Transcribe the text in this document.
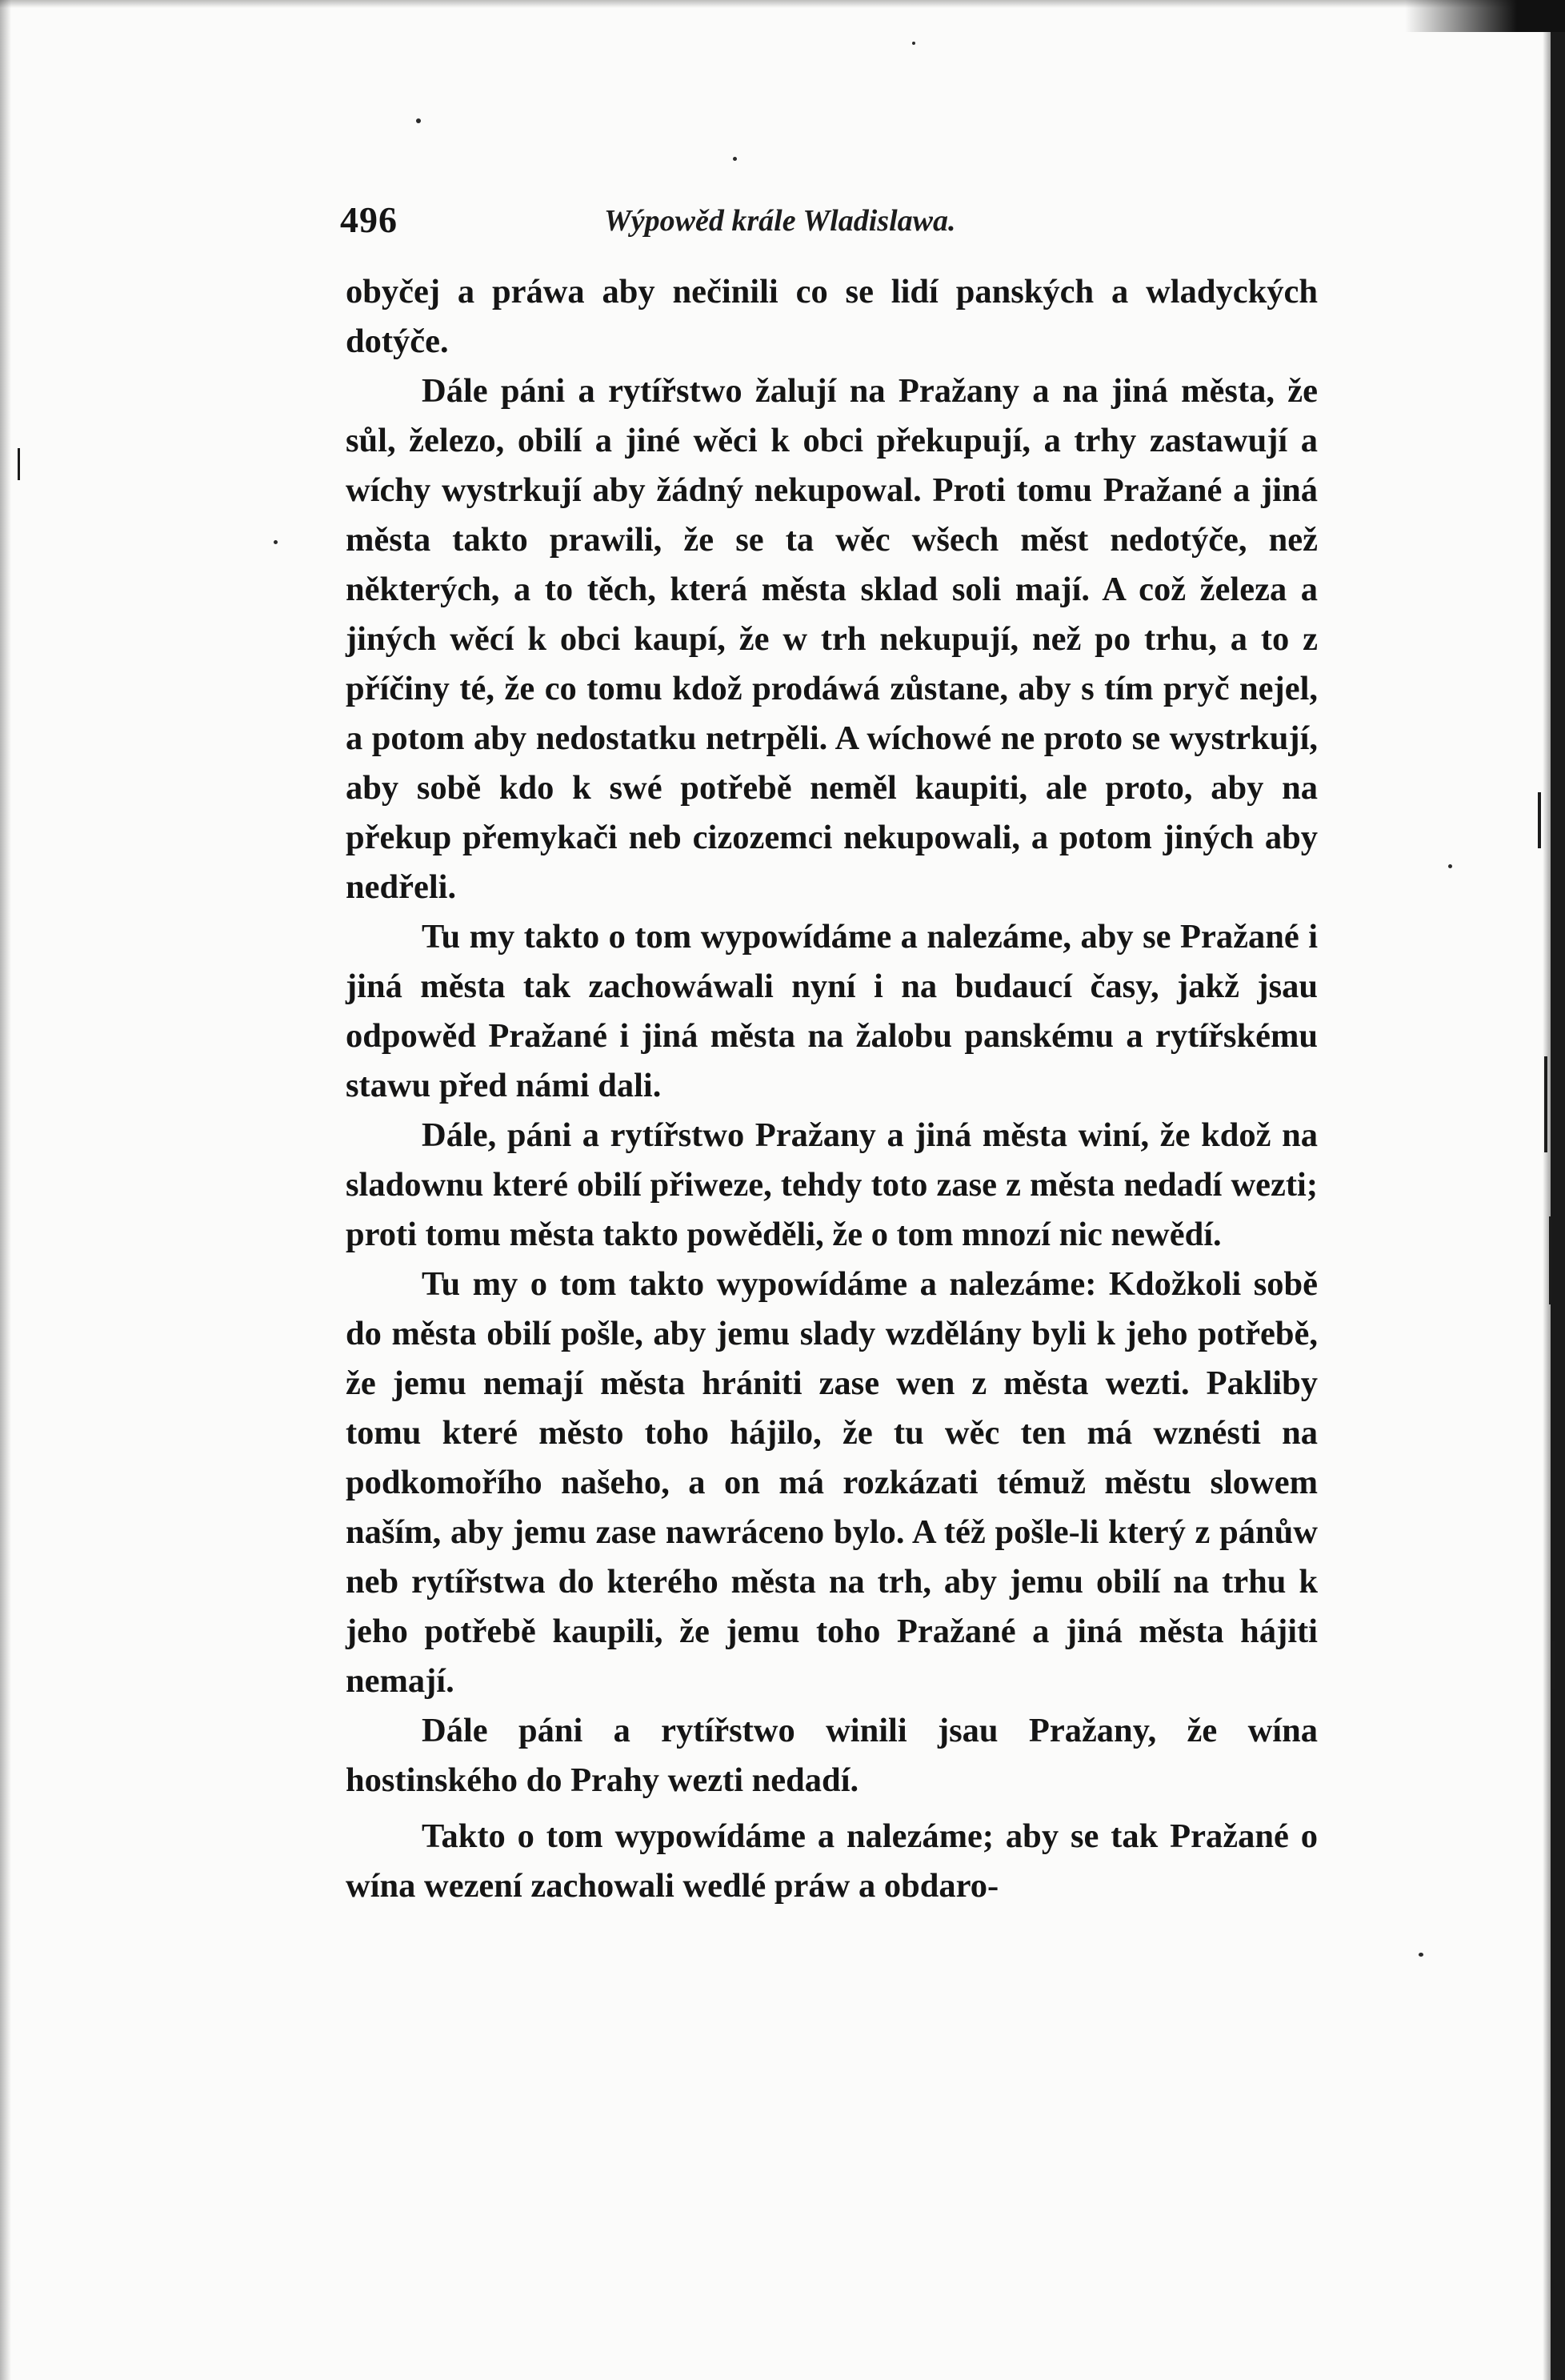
496	Wýpowěd krále Wladislawa.

obyčej a práwa aby nečinili co se lidí panských a wladyckých dotýče.

Dále páni a rytířstwo žalují na Pražany a na jiná města, že sůl, železo, obilí a jiné wěci k obci překupují, a trhy zastawují a wíchy wystrkují aby žádný nekupowal. Proti tomu Pražané a jiná města takto prawili, že se ta wěc wšech měst nedotýče, než některých, a to těch, která města sklad soli mají. A což železa a jiných wěcí k obci kaupí, že w trh nekupují, než po trhu, a to z příčiny té, že co tomu kdož prodáwá zůstane, aby s tím pryč nejel, a potom aby nedostatku netrpěli. A wíchowé ne proto se wystrkují, aby sobě kdo k swé potřebě neměl kaupiti, ale proto, aby na překup přemykači neb cizozemci nekupowali, a potom jiných aby nedřeli.

Tu my takto o tom wypowídáme a nalezáme, aby se Pražané i jiná města tak zachowáwali nyní i na budaucí časy, jakž jsau odpowěd Pražané i jiná města na žalobu panskému a rytířskému stawu před námi dali.

Dále, páni a rytířstwo Pražany a jiná města winí, že kdož na sladownu které obilí přiweze, tehdy toto zase z města nedadí wezti; proti tomu města takto powěděli, že o tom mnozí nic newědí.

Tu my o tom takto wypowídáme a nalezáme: Kdožkoli sobě do města obilí pošle, aby jemu slady wzdělány byli k jeho potřebě, že jemu nemají města hrániti zase wen z města wezti. Pakliby tomu které město toho hájilo, že tu wěc ten má wznésti na podkomořího našeho, a on má rozkázati témuž městu slowem naším, aby jemu zase nawráceno bylo. A též pošle-li který z pánůw neb rytířstwa do kterého města na trh, aby jemu obilí na trhu k jeho potřebě kaupili, že jemu toho Pražané a jiná města hájiti nemají.

Dále páni a rytířstwo winili jsau Pražany, že wína hostinského do Prahy wezti nedadí.

Takto o tom wypowídáme a nalezáme; aby se tak Pražané o wína wezení zachowali wedlé práw a obdaro-
